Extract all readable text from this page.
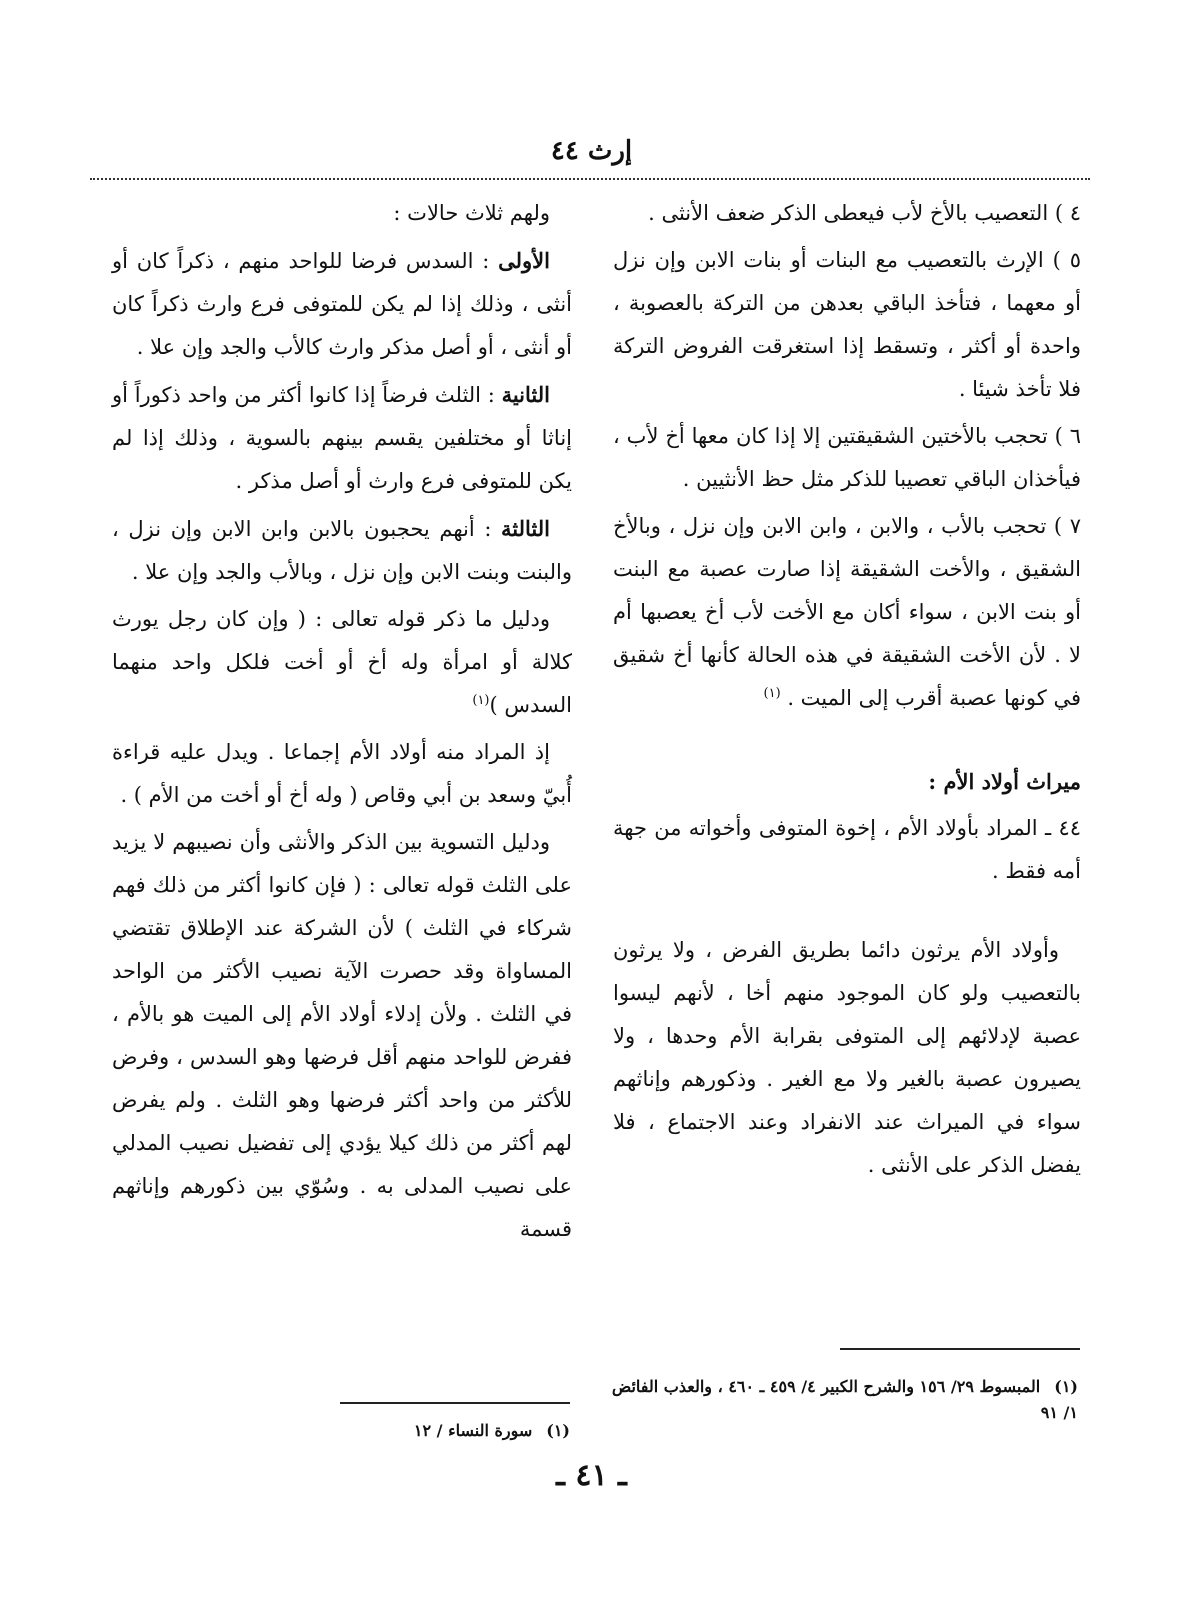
إرث ٤٤

٤ ) التعصيب بالأخ لأب فيعطى الذكر ضعف الأنثى .

٥ ) الإرث بالتعصيب مع البنات أو بنات الابن وإن نزل أو معهما ، فتأخذ الباقي بعدهن من التركة بالعصوبة ، واحدة أو أكثر ، وتسقط إذا استغرقت الفروض التركة فلا تأخذ شيئا .

٦ ) تحجب بالأختين الشقيقتين إلا إذا كان معها أخ لأب ، فيأخذان الباقي تعصيبا للذكر مثل حظ الأنثيين .

٧ ) تحجب بالأب ، والابن ، وابن الابن وإن نزل ، وبالأخ الشقيق ، والأخت الشقيقة إذا صارت عصبة مع البنت أو بنت الابن ، سواء أكان مع الأخت لأب أخ يعصبها أم لا . لأن الأخت الشقيقة في هذه الحالة كأنها أخ شقيق في كونها عصبة أقرب إلى الميت . $^{(١)}$

ميراث أولاد الأم :

٤٤ ـ المراد بأولاد الأم ، إخوة المتوفى وأخواته من جهة أمه فقط .

وأولاد الأم يرثون دائما بطريق الفرض ، ولا يرثون بالتعصيب ولو كان الموجود منهم أخا ، لأنهم ليسوا عصبة لإدلائهم إلى المتوفى بقرابة الأم وحدها ، ولا يصيرون عصبة بالغير ولا مع الغير . وذكورهم وإناثهم سواء في الميراث عند الانفراد وعند الاجتماع ، فلا يفضل الذكر على الأنثى .

ولهم ثلاث حالات :

الأولى : السدس فرضا للواحد منهم ، ذكراً كان أو أنثى ، وذلك إذا لم يكن للمتوفى فرع وارث ذكراً كان أو أنثى ، أو أصل مذكر وارث كالأب والجد وإن علا .

الثانية : الثلث فرضاً إذا كانوا أكثر من واحد ذكوراً أو إناثا أو مختلفين يقسم بينهم بالسوية ، وذلك إذا لم يكن للمتوفى فرع وارث أو أصل مذكر .

الثالثة : أنهم يحجبون بالابن وابن الابن وإن نزل ، والبنت وبنت الابن وإن نزل ، وبالأب والجد وإن علا .

ودليل ما ذكر قوله تعالى : ( وإن كان رجل يورث كلالة أو امرأة وله أخ أو أخت فلكل واحد منهما السدس )$^{(١)}$

إذ المراد منه أولاد الأم إجماعا . ويدل عليه قراءة أُبيّ وسعد بن أبي وقاص ( وله أخ أو أخت من الأم ) .

ودليل التسوية بين الذكر والأنثى وأن نصيبهم لا يزيد على الثلث قوله تعالى : ( فإن كانوا أكثر من ذلك فهم شركاء في الثلث ) لأن الشركة عند الإطلاق تقتضي المساواة وقد حصرت الآية نصيب الأكثر من الواحد في الثلث . ولأن إدلاء أولاد الأم إلى الميت هو بالأم ، ففرض للواحد منهم أقل فرضها وهو السدس ، وفرض للأكثر من واحد أكثر فرضها وهو الثلث . ولم يفرض لهم أكثر من ذلك كيلا يؤدي إلى تفضيل نصيب المدلي على نصيب المدلى به . وسُوّي بين ذكورهم وإناثهم قسمة

(١)المبسوط ٢٩/ ١٥٦ والشرح الكبير ٤/ ٤٥٩ ـ ٤٦٠ ، والعذب الفائض ١/ ٩١
(١)سورة النساء / ١٢
ـ ٤١ ـ
